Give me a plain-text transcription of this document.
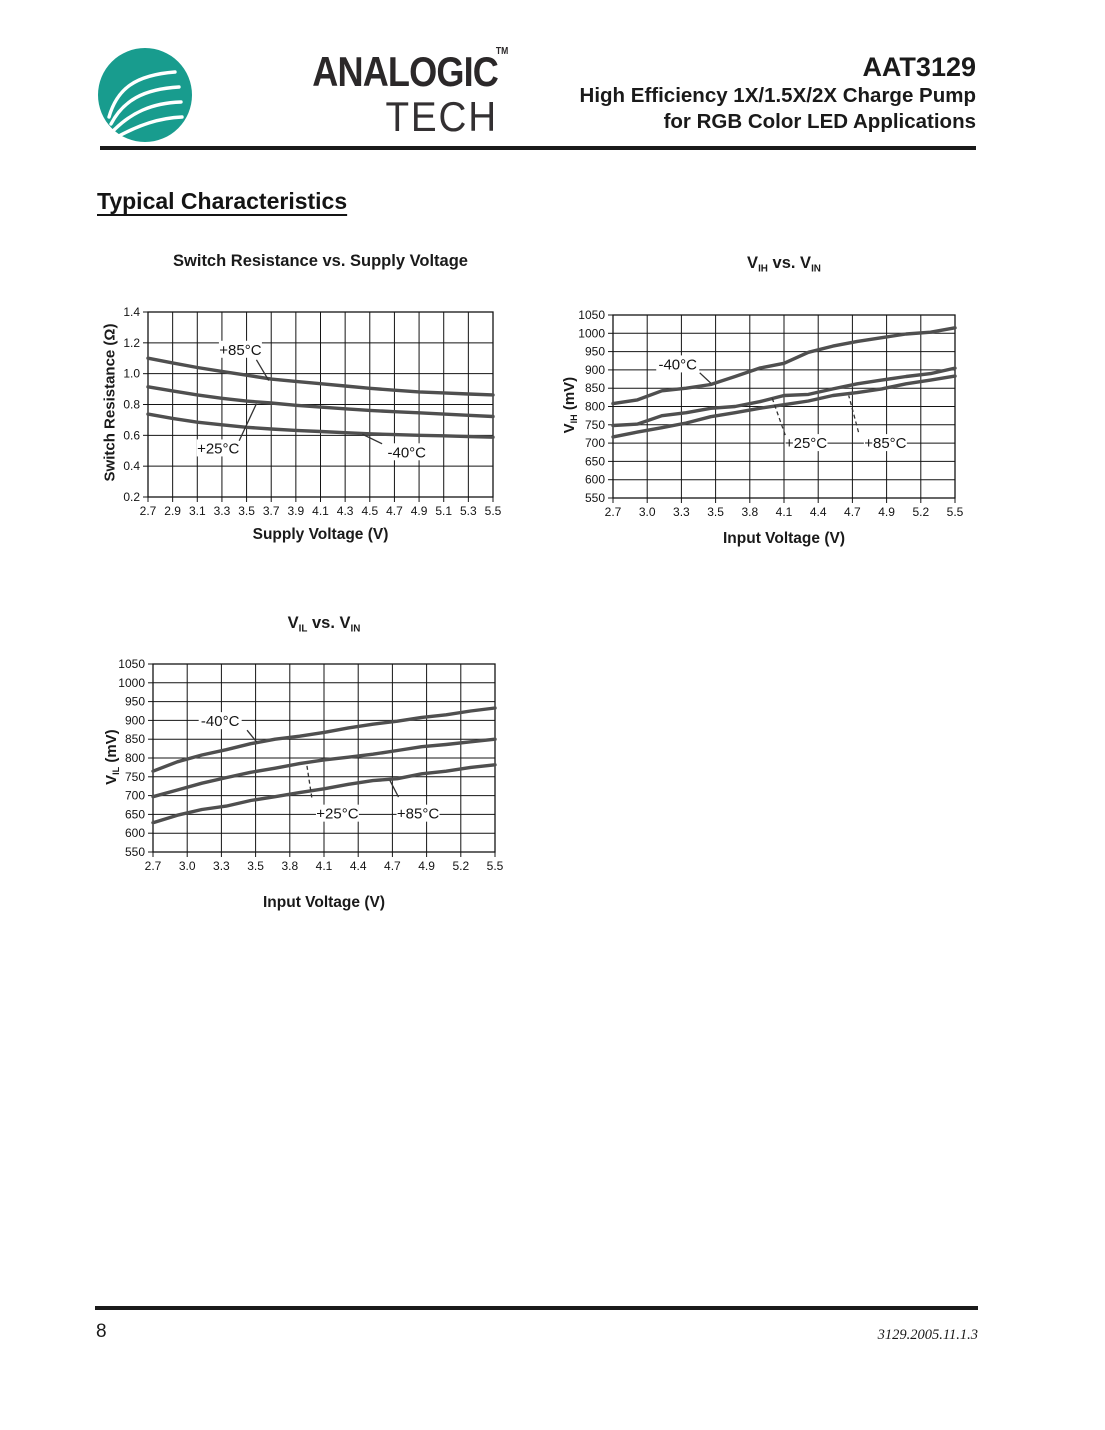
ANALOGIC
TM
TECH
AAT3129
High Efficiency 1X/1.5X/2X Charge Pump
for RGB Color LED Applications
Typical Characteristics
Switch Resistance vs. Supply Voltage
Switch Resistance (Ω)
2.7 2.9 3.1 3.3 3.5 3.7 3.9 4.1 4.3 4.5 4.7 4.9 5.1 5.3 5.5
0.2
0.4
0.6
0.8
1.0
1.2
1.4
+85°C
+25°C	-40°C
Supply Voltage (V)
$V_{IH}$ vs. $V_{IN}$
$V_{IH}$ (mV)
2.7 3.0 3.3 3.5 3.8 4.1 4.4 4.7 4.9 5.2 5.5
550
600
650
700
750
800
850
900
950
1000
1050
-40°C
+25°C +85°C
Input Voltage (V)
$V_{IL}$ vs. $V_{IN}$
$V_{IL}$ (mV)
2.7 3.0 3.3 3.5 3.8 4.1 4.4 4.7 4.9 5.2 5.5
550
600
650
700
750
800
850
900
950
1000
1050
-40°C
+25°C	+85°C
Input Voltage (V)
8	3129.2005.11.1.3
